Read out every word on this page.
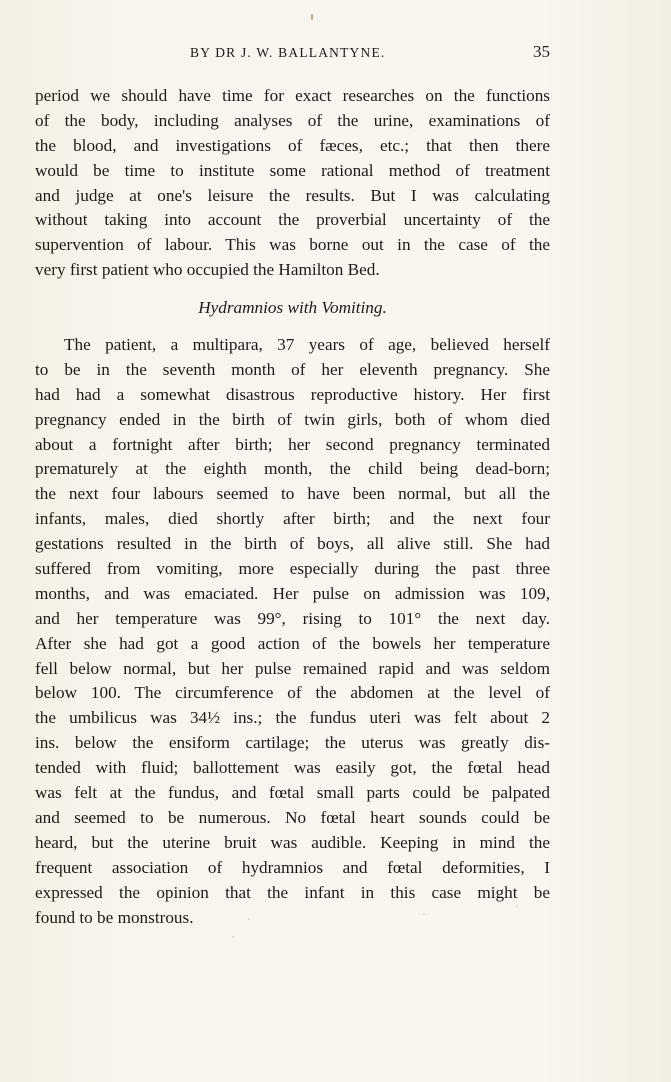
BY DR J. W. BALLANTYNE.	35
period we should have time for exact researches on the functions
of the body, including analyses of the urine, examinations of
the blood, and investigations of fæces, etc.; that then there
would be time to institute some rational method of treatment
and judge at one's leisure the results. But I was calculating
without taking into account the proverbial uncertainty of the
supervention of labour. This was borne out in the case of the
very first patient who occupied the Hamilton Bed.
Hydramnios with Vomiting.
The patient, a multipara, 37 years of age, believed herself
to be in the seventh month of her eleventh pregnancy. She
had had a somewhat disastrous reproductive history. Her first
pregnancy ended in the birth of twin girls, both of whom died
about a fortnight after birth; her second pregnancy terminated
prematurely at the eighth month, the child being dead-born;
the next four labours seemed to have been normal, but all the
infants, males, died shortly after birth; and the next four
gestations resulted in the birth of boys, all alive still. She had
suffered from vomiting, more especially during the past three
months, and was emaciated. Her pulse on admission was 109,
and her temperature was 99°, rising to 101° the next day.
After she had got a good action of the bowels her temperature
fell below normal, but her pulse remained rapid and was seldom
below 100. The circumference of the abdomen at the level of
the umbilicus was 34½ ins.; the fundus uteri was felt about 2
ins. below the ensiform cartilage; the uterus was greatly dis-
tended with fluid; ballottement was easily got, the fœtal head
was felt at the fundus, and fœtal small parts could be palpated
and seemed to be numerous. No fœtal heart sounds could be
heard, but the uterine bruit was audible. Keeping in mind the
frequent association of hydramnios and fœtal deformities, I
expressed the opinion that the infant in this case might be
found to be monstrous.
